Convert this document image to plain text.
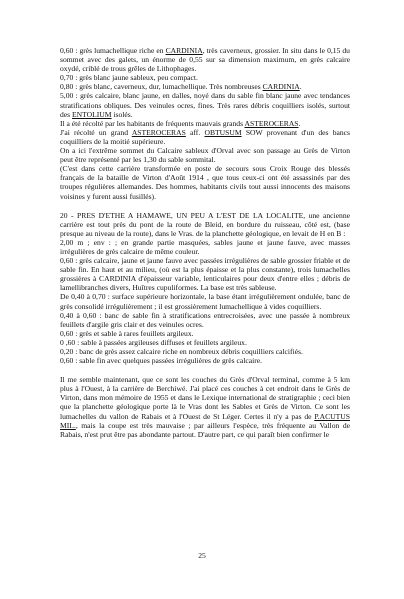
0,60 : grès lumachellique riche en CARDINIA, très caverneux, grossier. In situ dans le 0,15 du sommet avec des galets, un énorme de 0,55 sur sa dimension maximum, en grès calcaire oxydé, criblé de trous grêles de Lithophages.

0,70 : grès blanc jaune sableux, peu compact.

0,80 : grès blanc, caverneux, dur, lumachellique. Très nombreuses CARDINIA.

5,00 : grès calcaire, blanc jaune, en dalles, noyé dans du sable fin blanc jaune avec tendances stratifications obliques. Des veinules ocres, fines. Très rares débris coquilliers isolés, surtout des ENTOLIUM isolés.

Il a été récolté par les habitants de fréquents mauvais grands ASTEROCERAS.

J'ai récolté un grand ASTEROCERAS aff. OBTUSUM SOW provenant d'un des bancs coquilliers de la moitié supérieure.

On a ici l'extrême sommet du Calcaire sableux d'Orval avec son passage au Grès de Virton peut être représenté par les 1,30 du sable sommital.

(C'est dans cette carrière transformée en poste de secours sous Croix Rouge des blessés français de la bataille de Virton d'Août 1914 , que tous ceux-ci ont été assassinés par des troupes régulières allemandes. Des hommes, habitants civils tout aussi innocents des maisons voisines y furent aussi fusillés).

20 - PRES D'ETHE A HAMAWE, UN PEU A L'EST DE LA LOCALITE, une ancienne carrière est tout près du pont de la route de Bleid, en bordure du ruisseau, côté est, (base presque au niveau de la route), dans le Vras. de la planchette géologique, en levait de H en B :

2,00 m ; env : ; en grande partie masquées, sables jaune et jaune fauve, avec masses irrégulières de grès calcaire de même couleur.

0,60 : grès calcaire, jaune et jaune fauve avec passées irrégulières de sable grossier friable et de sable fin. En haut et au milieu, (où est la plus épaisse et la plus constante), trois lumachelles grossières à CARDINIA d'épaisseur variable, lenticulaires pour deux d'entre elles ; débris de lamellibranches divers, Huîtres cupuliformes. La base est très sableuse.

De 0,40 à 0,70 : surface supérieure horizontale, la base étant irrégulièrement ondulée, banc de grès consolidé irrégulièrement ; il est grossièrement lumachellique à vides coquilliers.

0,40 à 0,60 : banc de sable fin à stratifications entrecroisées, avec une passée à nombreux feuillets d'argile gris clair et des veinules ocres.

0,60 : grès et sable à rares feuillets argileux.

0 ,60 : sable à passées argileuses diffuses et feuillets argileux.

0,20 : banc de grès assez calcaire riche en nombreux débris coquilliers calcifiés.

0,60 : sable fin avec quelques passées irrégulières de grès calcaire.

Il me semble maintenant, que ce sont les couches du Grès d'Orval terminal, comme à 5 km plus à l'Ouest, à la carrière de Berchiwé. J'ai placé ces couches à cet endroit dans le Grès de Virton, dans mon mémoire de 1955 et dans le Lexique international de stratigraphie ; ceci bien que la planchette géologique porte là le Vras dont les Sables et Grès de Virton. Ce sont les lumachelles du vallon de Rabais et à l'Ouest de St Léger. Certes il n'y a pas de P.ACUTUS MIL., mais la coupe est très mauvaise ; par ailleurs l'espèce, très fréquente au Vallon de Rabais, n'est prut être pas abondante partout. D'autre part, ce qui paraît bien confirmer le

25
